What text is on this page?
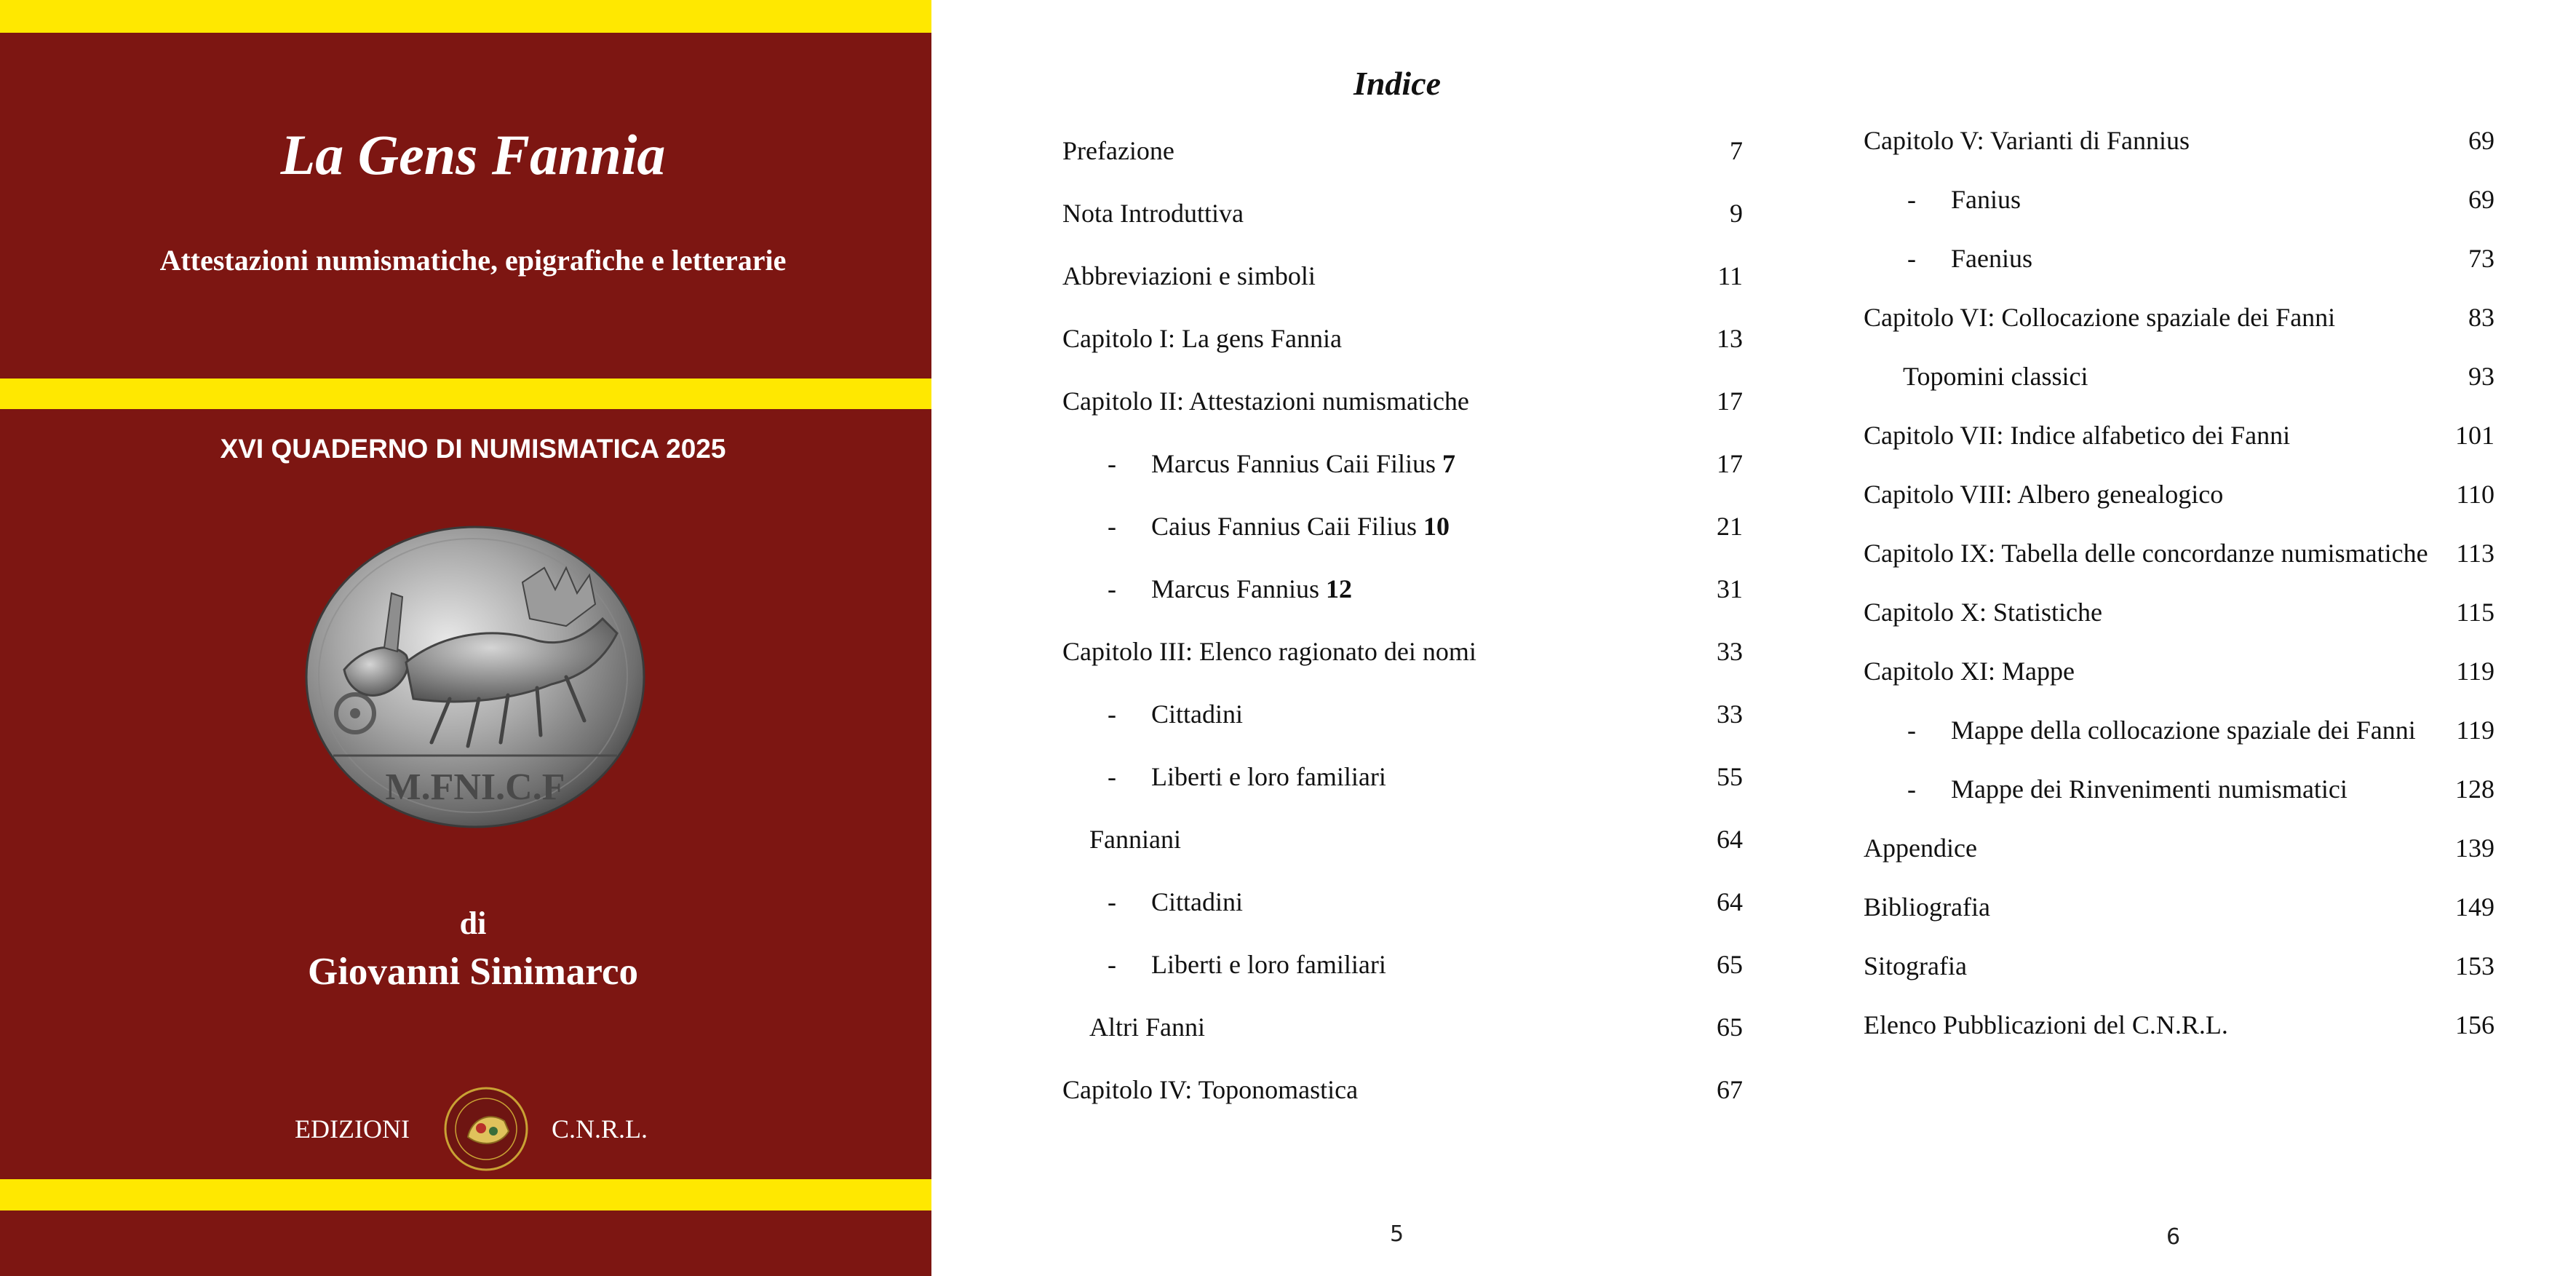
La Gens Fannia
Attestazioni numismatiche, epigrafiche e letterarie
XVI QUADERNO DI NUMISMATICA 2025
M.FNI.C.F
di
Giovanni Sinimarco
EDIZIONI	C.N.R.L.
Indice
Prefazione	7
Nota Introduttiva	9
Abbreviazioni e simboli	11
Capitolo I: La gens Fannia	13
Capitolo II: Attestazioni numismatiche	17
- Marcus Fannius Caii Filius 7	17
- Caius Fannius Caii Filius 10	21
- Marcus Fannius 12	31
Capitolo III: Elenco ragionato dei nomi	33
- Cittadini	33
- Liberti e loro familiari	55
Fanniani	64
- Cittadini	64
- Liberti e loro familiari	65
Altri Fanni	65
Capitolo IV: Toponomastica	67
Capitolo V: Varianti di Fannius	69
- Fanius	69
- Faenius	73
Capitolo VI: Collocazione spaziale dei Fanni	83
Topomini classici	93
Capitolo VII: Indice alfabetico dei Fanni	101
Capitolo VIII: Albero genealogico	110
Capitolo IX: Tabella delle concordanze numismatiche 113
Capitolo X: Statistiche	115
Capitolo XI: Mappe	119
- Mappe della collocazione spaziale dei Fanni 119
- Mappe dei Rinvenimenti numismatici	128
Appendice	139
Bibliografia	149
Sitografia	153
Elenco Pubblicazioni del C.N.R.L.	156
5	6
